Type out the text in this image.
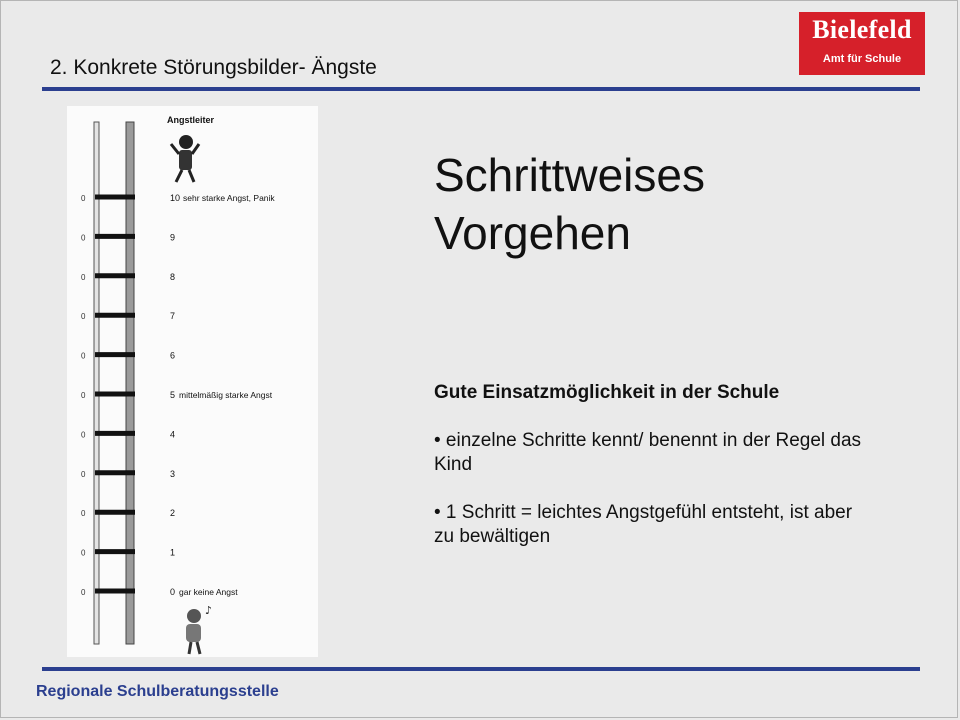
2. Konkrete Störungsbilder- Ängste
Bielefeld
Amt für Schule
0	10 sehr starke Angst, Panik
0	9
0	8
0	7
0	6
0	5 mittelmäßig starke Angst
0	4
0	3
0	2
0	1
0	0 gar keine Angst
Angstleiter
♪
Schrittweises
Vorgehen
Gute Einsatzmöglichkeit in der Schule
• einzelne Schritte kennt/ benennt in der Regel das Kind
• 1 Schritt = leichtes Angstgefühl entsteht, ist aber zu bewältigen
Regionale Schulberatungsstelle
